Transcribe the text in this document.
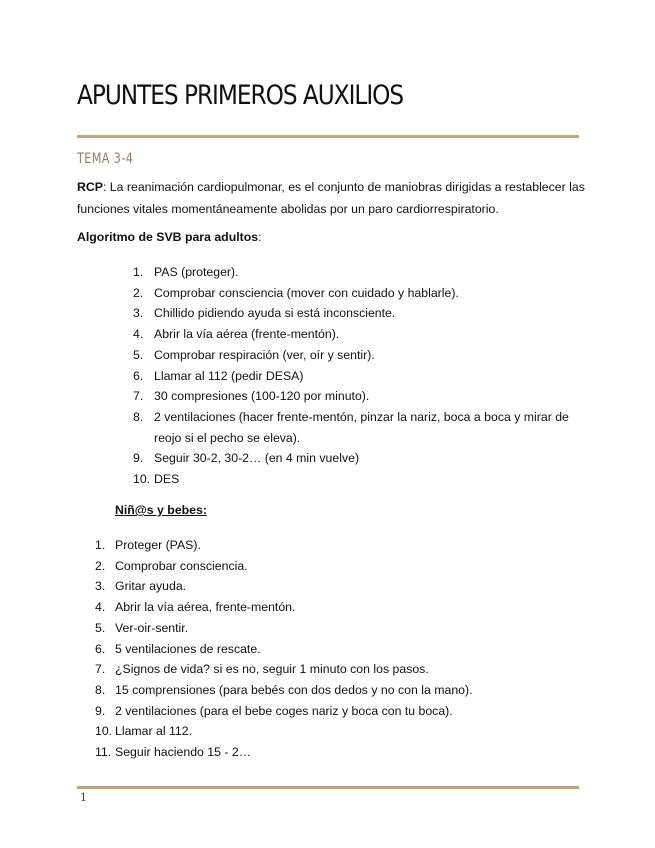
APUNTES PRIMEROS AUXILIOS
TEMA 3-4

RCP: La reanimación cardiopulmonar, es el conjunto de maniobras dirigidas a restablecer las funciones vitales momentáneamente abolidas por un paro cardiorrespiratorio.

Algoritmo de SVB para adultos:

1. PAS (proteger).
2. Comprobar consciencia (mover con cuidado y hablarle).
3. Chillido pidiendo ayuda si está inconsciente.
4. Abrir la vía aérea (frente-mentón).
5. Comprobar respiración (ver, oír y sentir).
6. Llamar al 112 (pedir DESA)
7. 30 compresiones (100-120 por minuto).
8. 2 ventilaciones (hacer frente-mentón, pinzar la nariz, boca a boca y mirar de reojo si el pecho se eleva).
9. Seguir 30-2, 30-2… (en 4 min vuelve)
10. DES

Niñ@s y bebes:

1. Proteger (PAS).
2. Comprobar consciencia.
3. Gritar ayuda.
4. Abrir la vía aérea, frente-mentón.
5. Ver-oir-sentir.
6. 5 ventilaciones de rescate.
7. ¿Signos de vida? si es no, seguir 1 minuto con los pasos.
8. 15 comprensiones (para bebés con dos dedos y no con la mano).
9. 2 ventilaciones (para el bebe coges nariz y boca con tu boca).
10. Llamar al 112.
11. Seguir haciendo 15 - 2…
1
